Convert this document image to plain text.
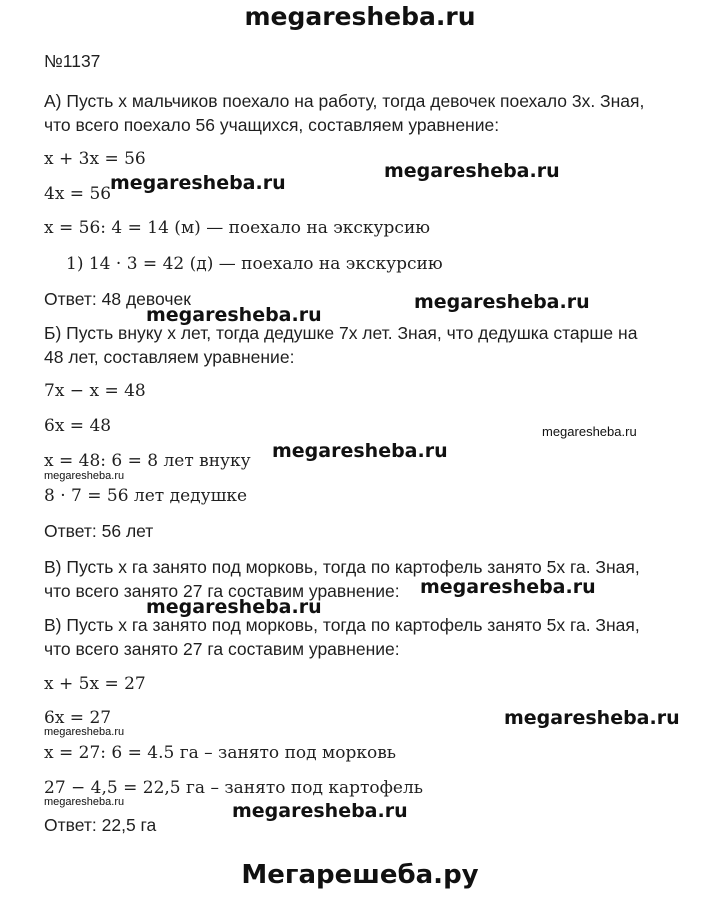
megaresheba.ru
№1137
А) Пусть х мальчиков поехало на работу, тогда девочек поехало 3х. Зная,
что всего поехало 56 учащихся, составляем уравнение:
x + 3x = 56
4x = 56
x = 56: 4 = 14 (м) — поехало на экскурсию
1) 14 · 3 = 42 (д) — поехало на экскурсию
Ответ: 48 девочек
Б) Пусть внуку х лет, тогда дедушке 7х лет. Зная, что дедушка старше на
48 лет, составляем уравнение:
7x − x = 48
6x = 48
x = 48: 6 = 8 лет внуку
8 · 7 = 56 лет дедушке
Ответ: 56 лет
В) Пусть х га занято под морковь, тогда по картофель занято 5х га. Зная,
что всего занято 27 га составим уравнение:
В) Пусть х га занято под морковь, тогда по картофель занято 5х га. Зная,
что всего занято 27 га составим уравнение:
x + 5x = 27
6x = 27
x = 27: 6 = 4.5 га – занято под морковь
27 − 4,5 = 22,5 га – занято под картофель
Ответ: 22,5 га
megaresheba.ru
megaresheba.ru
megaresheba.ru
megaresheba.ru
megaresheba.ru
megaresheba.ru
megaresheba.ru
megaresheba.ru
megaresheba.ru
megaresheba.ru
megaresheba.ru
megaresheba.ru	megaresheba.ru
Мегарешеба.ру
